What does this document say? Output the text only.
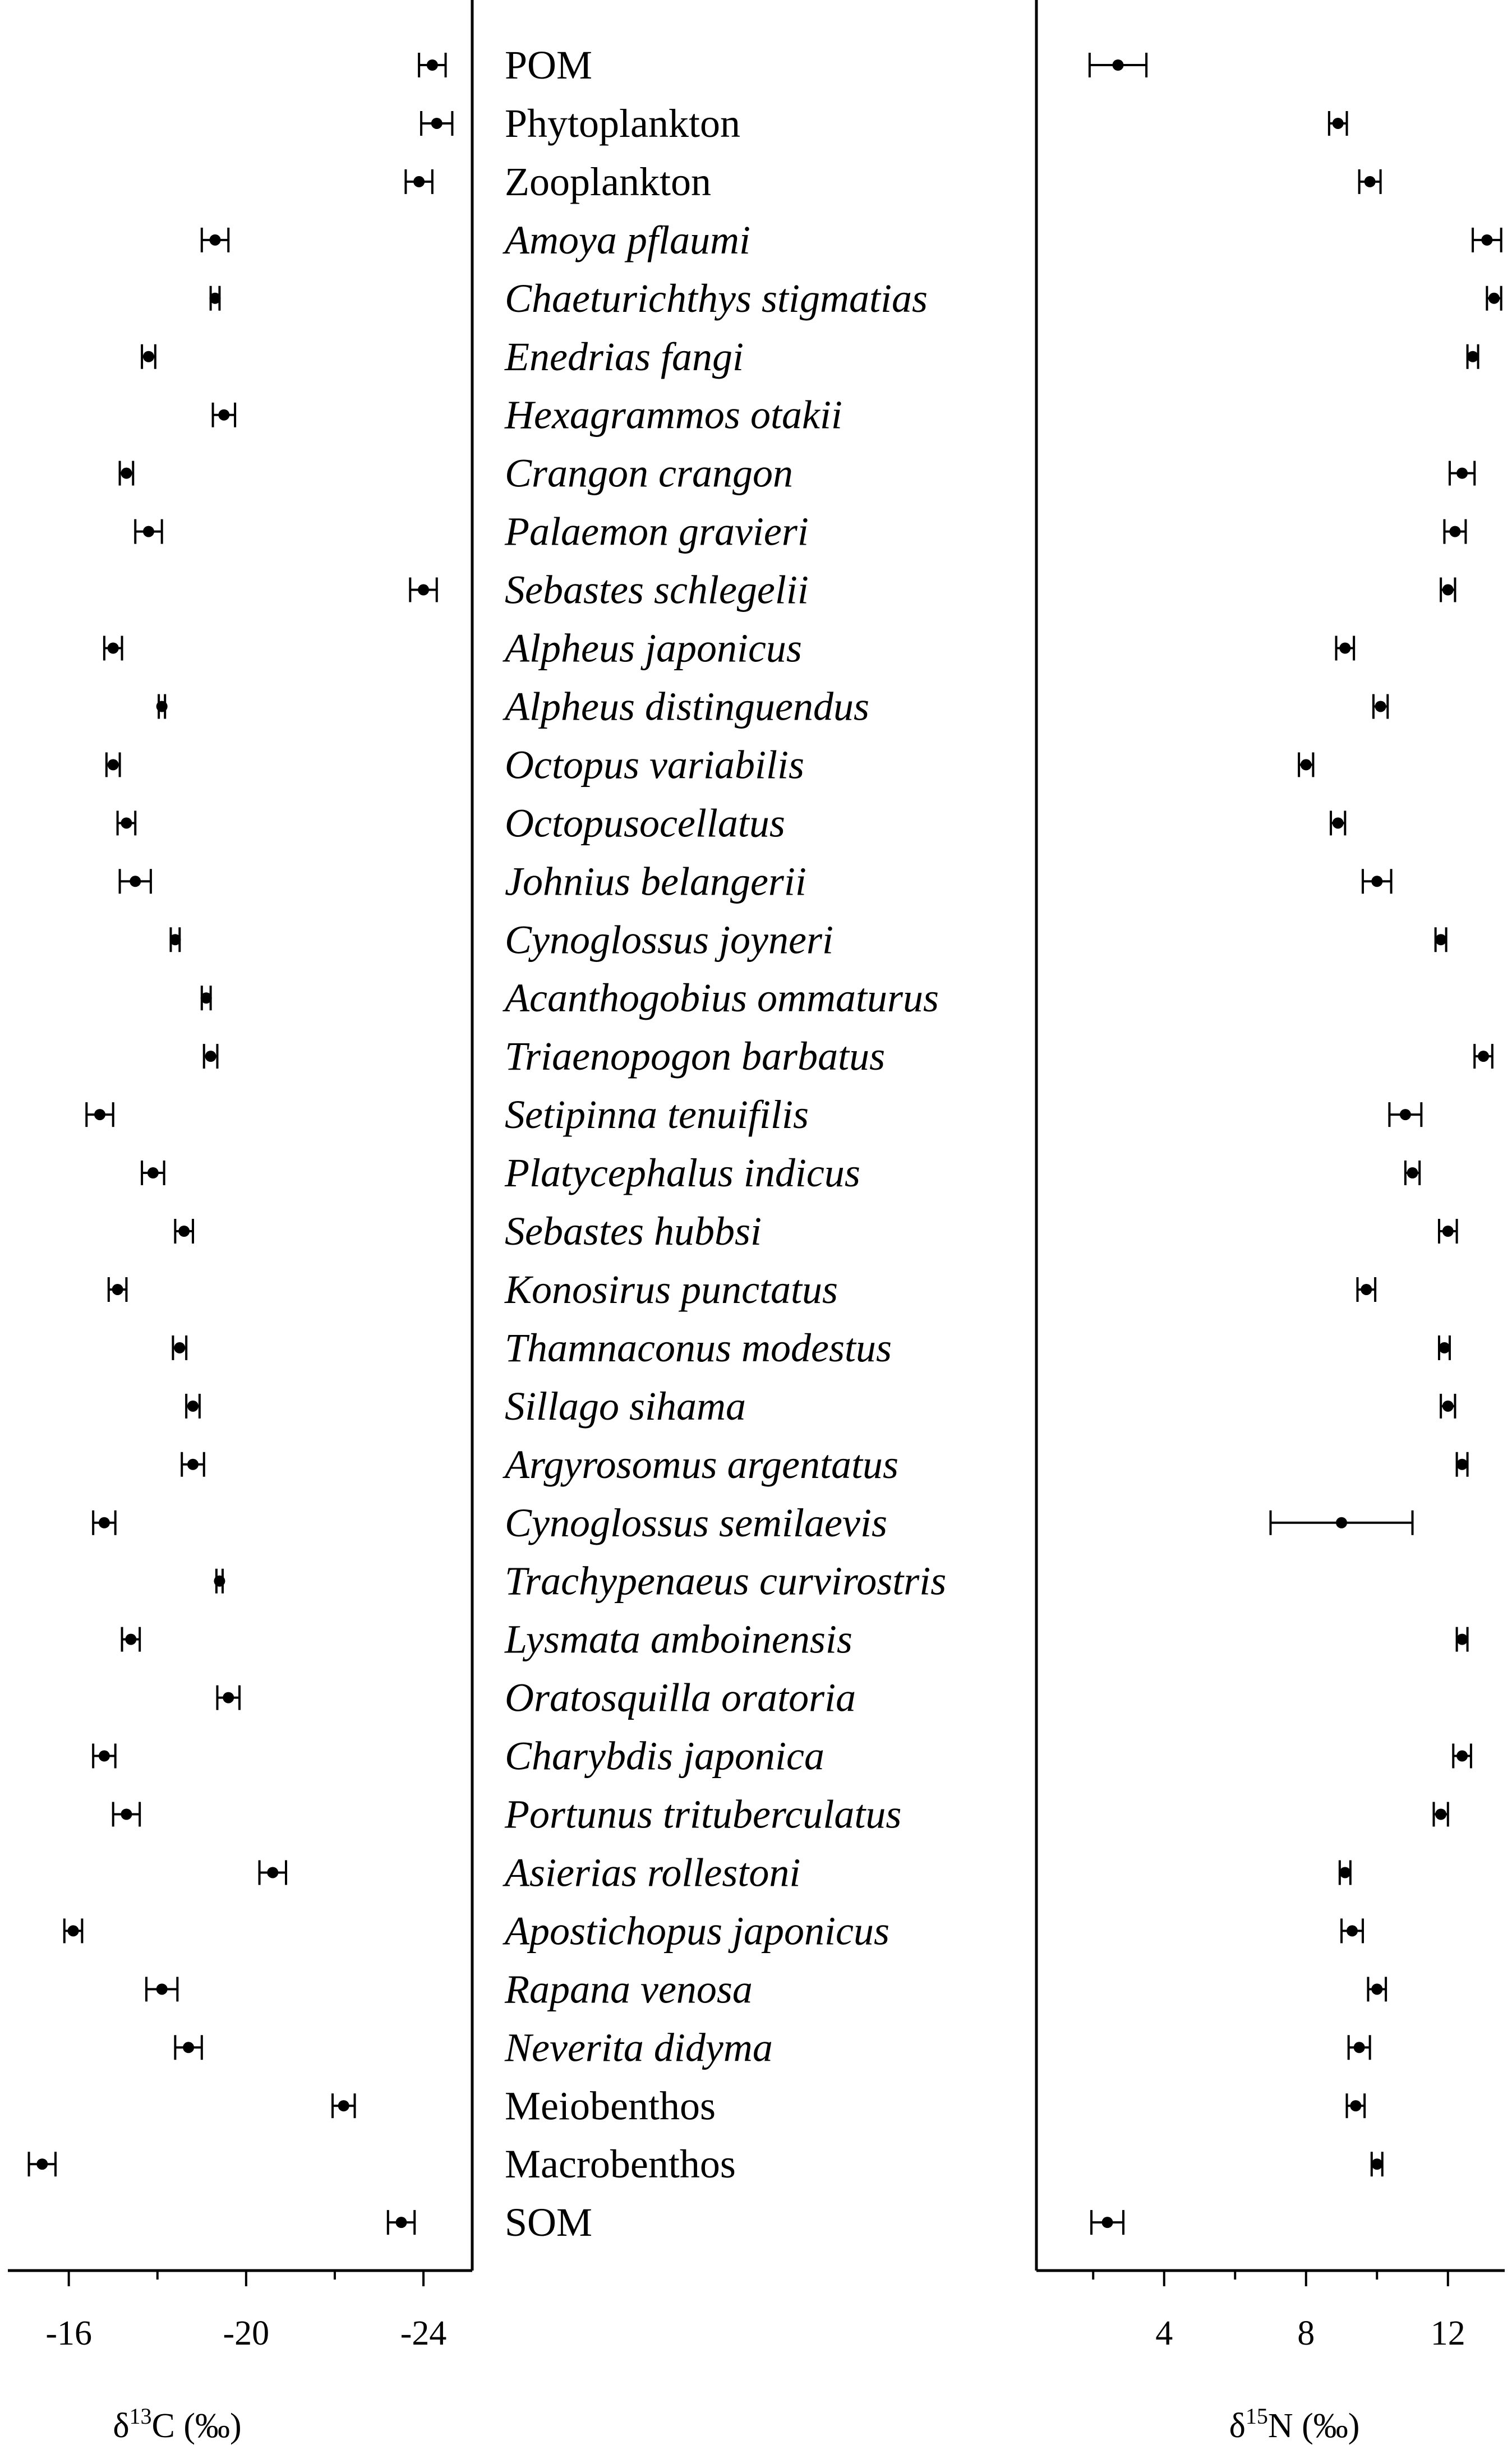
-16	-20	-24	4	8	12
POM
Phytoplankton
Zooplankton
Amoya pflaumi
Chaeturichthys stigmatias
Enedrias fangi
Hexagrammos otakii
Crangon crangon
Palaemon gravieri
Sebastes schlegelii
Alpheus japonicus
Alpheus distinguendus
Octopus variabilis
Octopusocellatus
Johnius belangerii
Cynoglossus joyneri
Acanthogobius ommaturus
Triaenopogon barbatus
Setipinna tenuifilis
Platycephalus indicus
Sebastes hubbsi
Konosirus punctatus
Thamnaconus modestus
Sillago sihama
Argyrosomus argentatus
Cynoglossus semilaevis
Trachypenaeus curvirostris
Lysmata amboinensis
Oratosquilla oratoria
Charybdis japonica
Portunus trituberculatus
Asierias rollestoni
Apostichopus japonicus
Rapana venosa
Neverita didyma
Meiobenthos
Macrobenthos
SOM
$\delta^{13}C$ (‰)	$\delta^{15}N$ (‰)
